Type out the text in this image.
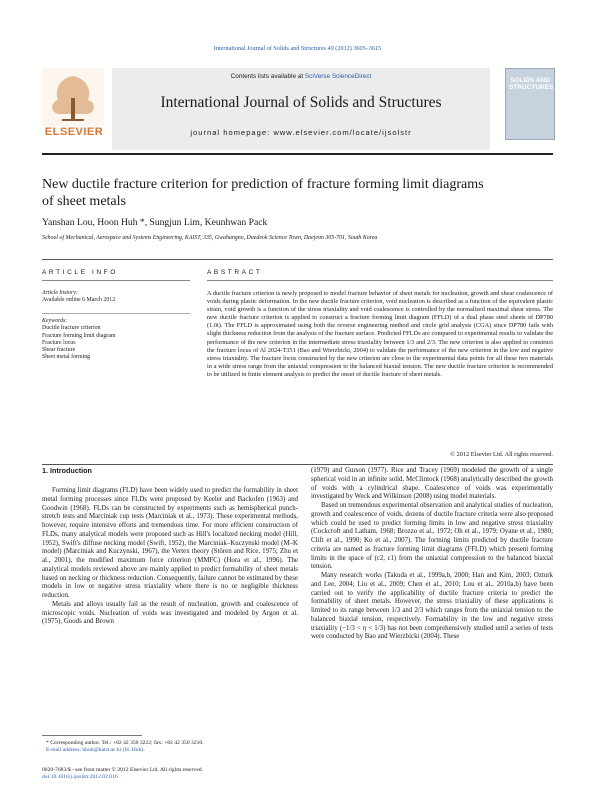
International Journal of Solids and Structures 49 (2012) 3605–3615
ELSEVIER
Contents lists available at SciVerse ScienceDirect
International Journal of Solids and Structures
journal homepage: www.elsevier.com/locate/ijsolstr
SOLIDS AND STRUCTURES
New ductile fracture criterion for prediction of fracture forming limit diagrams
of sheet metals
Yanshan Lou, Hoon Huh *, Sungjun Lim, Keunhwan Pack
School of Mechanical, Aerospace and Systems Engineering, KAIST, 335, Gwahangno, Daedeok Science Town, Daejeon 305-701, South Korea
ARTICLE INFO
Article history:
Available online 6 March 2012
Keywords:
Ductile fracture criterion
Fracture forming limit diagram
Fracture locus
Shear fracture
Sheet metal forming
ABSTRACT
A ductile fracture criterion is newly proposed to model fracture behavior of sheet metals for nucleation, growth and shear coalescence of voids during plastic deformation. In the new ductile fracture criterion, void nucleation is described as a function of the equivalent plastic strain, void growth is a function of the stress triaxiality and void coalescence is controlled by the normalized maximal shear stress. The new ductile fracture criterion is applied to construct a fracture forming limit diagram (FFLD) of a dual phase steel sheets of DP780 (1.0t). The FFLD is approximated using both the reverse engineering method and circle grid analysis (CGA) since DP780 fails with slight thickness reduction from the analysis of the fracture surface. Predicted FFLDs are compared to experimental results to validate the performance of the new criterion in the intermediate stress triaxiality between 1/3 and 2/3. The new criterion is also applied to construct the fracture locus of Al 2024-T351 (Bao and Wierzbicki, 2004) to validate the performance of the new criterion in the low and negative stress triaxiality. The fracture locus constructed by the new criterion are close to the experimental data points for all these two materials in a wide stress range from the uniaxial compression to the balanced biaxial tension. The new ductile fracture criterion is recommended to be utilized in finite element analysis to predict the onset of ductile fracture of sheet metals.
© 2012 Elsevier Ltd. All rights reserved.
1. Introduction

Forming limit diagrams (FLD) have been widely used to predict the formability in sheet metal forming processes since FLDs were proposed by Keeler and Backofen (1963) and Goodwin (1968). FLDs can be constructed by experiments such as hemispherical punch-stretch tests and Marciniak cup tests (Marciniak et al., 1973). These experimental methods, however, require intensive efforts and tremendous time. For more efficient construction of FLDs, many analytical models were proposed such as Hill's localized necking model (Hill, 1952), Swift's diffuse necking model (Swift, 1952), the Marciniak–Kuczynski model (M–K model) (Marciniak and Kuczynski, 1967), the Vertex theory (Stören and Rice, 1975; Zhu et al., 2001), the modified maximum force criterion (MMFC) (Hora et al., 1996). The analytical models reviewed above are mainly applied to predict formability of sheet metals based on necking or thickness reduction. Consequently, failure cannot be estimated by these models in low or negative stress triaxiality where there is no or negligible thickness reduction.

Metals and alloys usually fail as the result of nucleation, growth and coalescence of microscopic voids. Nucleation of voids was investigated and modeled by Argon et al. (1975), Goods and Brown

(1979) and Gurson (1977). Rice and Tracey (1969) modeled the growth of a single spherical void in an infinite solid. McClintock (1968) analytically described the growth of voids with a cylindrical shape. Coalescence of voids was experimentally investigated by Weck and Wilkinson (2008) using model materials.

Based on tremendous experimental observation and analytical studies of nucleation, growth and coalescence of voids, dozens of ductile fracture criteria were also proposed which could be used to predict forming limits in low and negative stress triaxiality (Cockcroft and Latham, 1968; Brozzo et al., 1972; Oh et al., 1979; Oyane et al., 1980; Clift et al., 1990; Ko et al., 2007). The forming limits predicted by ductile fracture criteria are named as fracture forming limit diagrams (FFLD) which present forming limits in the space of (ε2, ε1) from the uniaxial compression to the balanced biaxial tension.

Many research works (Takuda et al., 1999a,b, 2000; Han and Kim, 2003; Ozturk and Lee, 2004; Liu et al., 2009; Chen et al., 2010; Lou et al., 2010a,b) have been carried out to verify the applicability of ductile fracture criteria to predict the formability of sheet metals. However, the stress triaxiality of these applications is limited to its range between 1/3 and 2/3 which ranges from the uniaxial tension to the balanced biaxial tension, respectively. Formability in the low and negative stress triaxiality (−1/3 < η < 1/3) has not been comprehensively studied until a series of tests were conducted by Bao and Wierzbicki (2004). These

* Corresponding author. Tel.: +82 42 350 3222; fax: +82 42 350 3210.
E-mail address: hhuh@kaist.ac.kr (H. Huh).
0020-7683/$ - see front matter © 2012 Elsevier Ltd. All rights reserved.
doi:10.1016/j.ijsolstr.2012.02.016
